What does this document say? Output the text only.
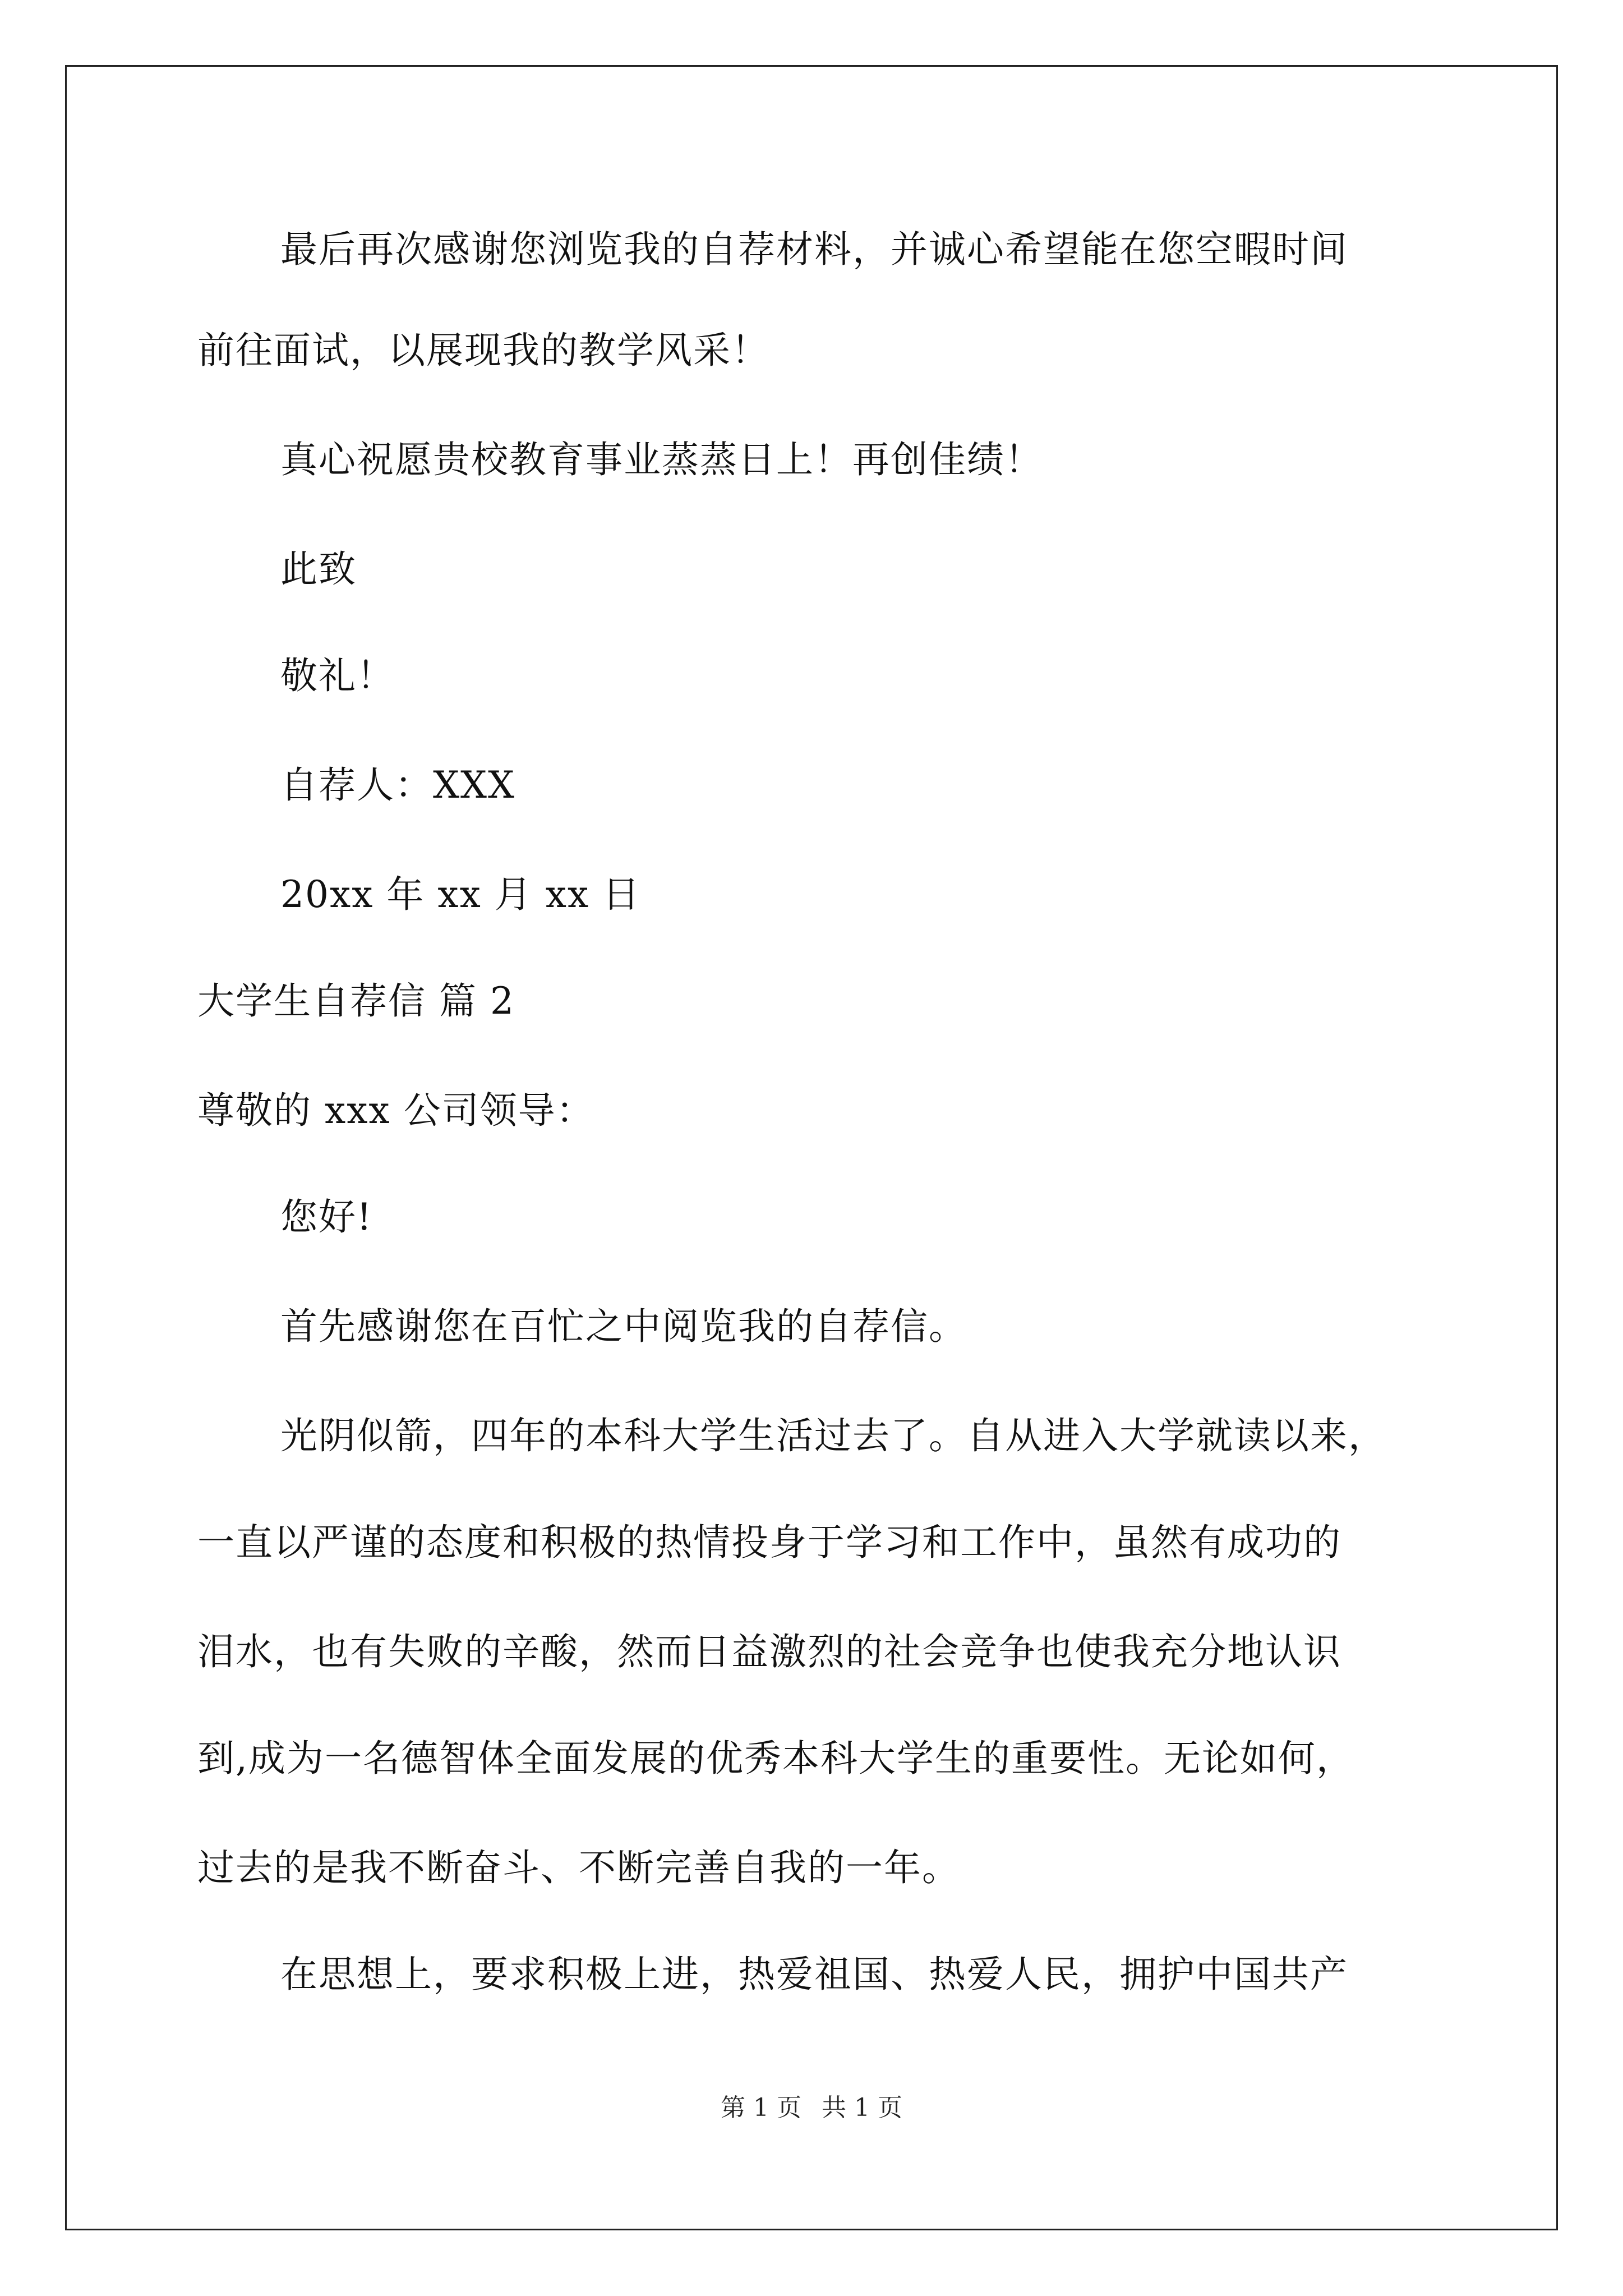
最后再次感谢您浏览我的自荐材料，并诚心希望能在您空暇时间
前往面试，以展现我的教学风采！
真心祝愿贵校教育事业蒸蒸日上！再创佳绩！
此致
敬礼！
自荐人：XXX
20xx 年 xx 月 xx 日
大学生自荐信 篇 2
尊敬的 xxx 公司领导：
您好!
首先感谢您在百忙之中阅览我的自荐信。
光阴似箭，四年的本科大学生活过去了。自从进入大学就读以来，
一直以严谨的态度和积极的热情投身于学习和工作中，虽然有成功的
泪水，也有失败的辛酸，然而日益激烈的社会竞争也使我充分地认识
到,成为一名德智体全面发展的优秀本科大学生的重要性。无论如何，
过去的是我不断奋斗、不断完善自我的一年。
在思想上，要求积极上进，热爱祖国、热爱人民，拥护中国共产
第 1 页 共 1 页
